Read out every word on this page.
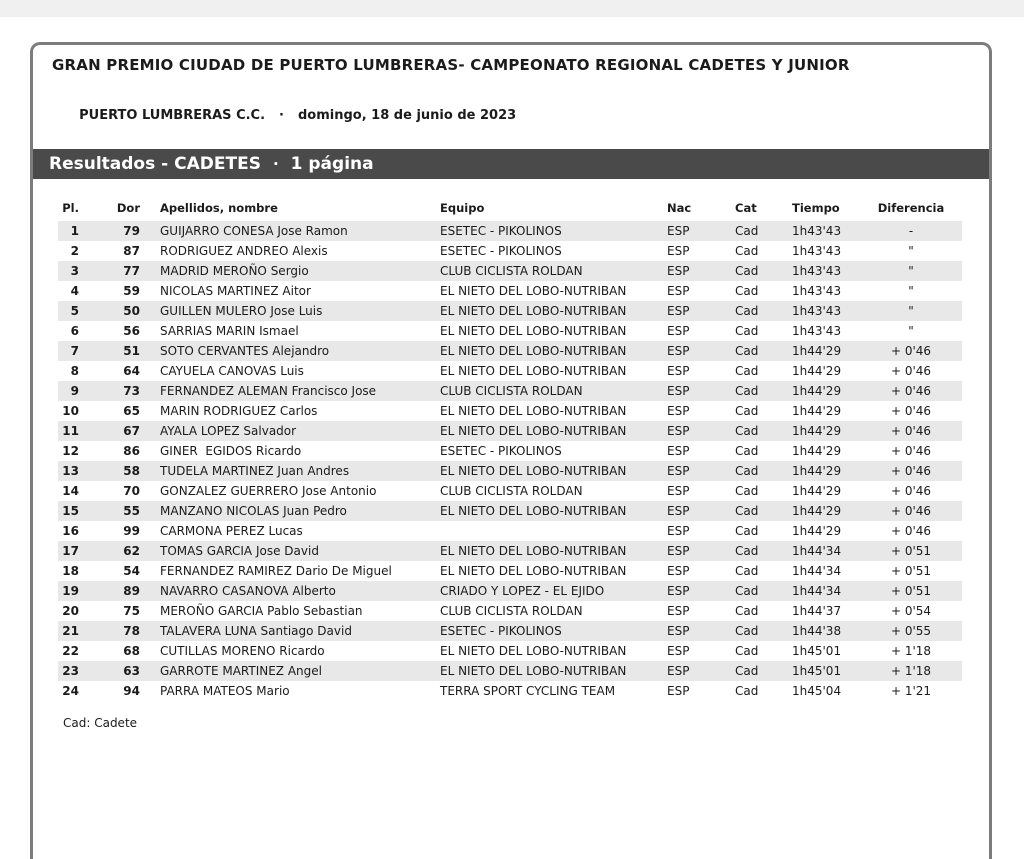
GRAN PREMIO CIUDAD DE PUERTO LUMBRERAS- CAMPEONATO REGIONAL CADETES Y JUNIOR

PUERTO LUMBRERAS C.C. · domingo, 18 de junio de 2023

Resultados - CADETES · 1 página
Pl.	Dor	Apellidos, nombre	Equipo	Nac	Cat	Tiempo	Diferencia
1	79	GUIJARRO CONESA Jose Ramon	ESETEC - PIKOLINOS	ESP	Cad	1h43'43	-
2	87	RODRIGUEZ ANDREO Alexis	ESETEC - PIKOLINOS	ESP	Cad	1h43'43	"
3	77	MADRID MEROÑO Sergio	CLUB CICLISTA ROLDAN	ESP	Cad	1h43'43	"
4	59	NICOLAS MARTINEZ Aitor	EL NIETO DEL LOBO-NUTRIBAN	ESP	Cad	1h43'43	"
5	50	GUILLEN MULERO Jose Luis	EL NIETO DEL LOBO-NUTRIBAN	ESP	Cad	1h43'43	"
6	56	SARRIAS MARIN Ismael	EL NIETO DEL LOBO-NUTRIBAN	ESP	Cad	1h43'43	"
7	51	SOTO CERVANTES Alejandro	EL NIETO DEL LOBO-NUTRIBAN	ESP	Cad	1h44'29	+ 0'46
8	64	CAYUELA CANOVAS Luis	EL NIETO DEL LOBO-NUTRIBAN	ESP	Cad	1h44'29	+ 0'46
9	73	FERNANDEZ ALEMAN Francisco Jose	CLUB CICLISTA ROLDAN	ESP	Cad	1h44'29	+ 0'46
10	65	MARIN RODRIGUEZ Carlos	EL NIETO DEL LOBO-NUTRIBAN	ESP	Cad	1h44'29	+ 0'46
11	67	AYALA LOPEZ Salvador	EL NIETO DEL LOBO-NUTRIBAN	ESP	Cad	1h44'29	+ 0'46
12	86	GINER  EGIDOS Ricardo	ESETEC - PIKOLINOS	ESP	Cad	1h44'29	+ 0'46
13	58	TUDELA MARTINEZ Juan Andres	EL NIETO DEL LOBO-NUTRIBAN	ESP	Cad	1h44'29	+ 0'46
14	70	GONZALEZ GUERRERO Jose Antonio	CLUB CICLISTA ROLDAN	ESP	Cad	1h44'29	+ 0'46
15	55	MANZANO NICOLAS Juan Pedro	EL NIETO DEL LOBO-NUTRIBAN	ESP	Cad	1h44'29	+ 0'46
16	99	CARMONA PEREZ Lucas		ESP	Cad	1h44'29	+ 0'46
17	62	TOMAS GARCIA Jose David	EL NIETO DEL LOBO-NUTRIBAN	ESP	Cad	1h44'34	+ 0'51
18	54	FERNANDEZ RAMIREZ Dario De Miguel	EL NIETO DEL LOBO-NUTRIBAN	ESP	Cad	1h44'34	+ 0'51
19	89	NAVARRO CASANOVA Alberto	CRIADO Y LOPEZ - EL EJIDO	ESP	Cad	1h44'34	+ 0'51
20	75	MEROÑO GARCIA Pablo Sebastian	CLUB CICLISTA ROLDAN	ESP	Cad	1h44'37	+ 0'54
21	78	TALAVERA LUNA Santiago David	ESETEC - PIKOLINOS	ESP	Cad	1h44'38	+ 0'55
22	68	CUTILLAS MORENO Ricardo	EL NIETO DEL LOBO-NUTRIBAN	ESP	Cad	1h45'01	+ 1'18
23	63	GARROTE MARTINEZ Angel	EL NIETO DEL LOBO-NUTRIBAN	ESP	Cad	1h45'01	+ 1'18
24	94	PARRA MATEOS Mario	TERRA SPORT CYCLING TEAM	ESP	Cad	1h45'04	+ 1'21
Cad: Cadete
